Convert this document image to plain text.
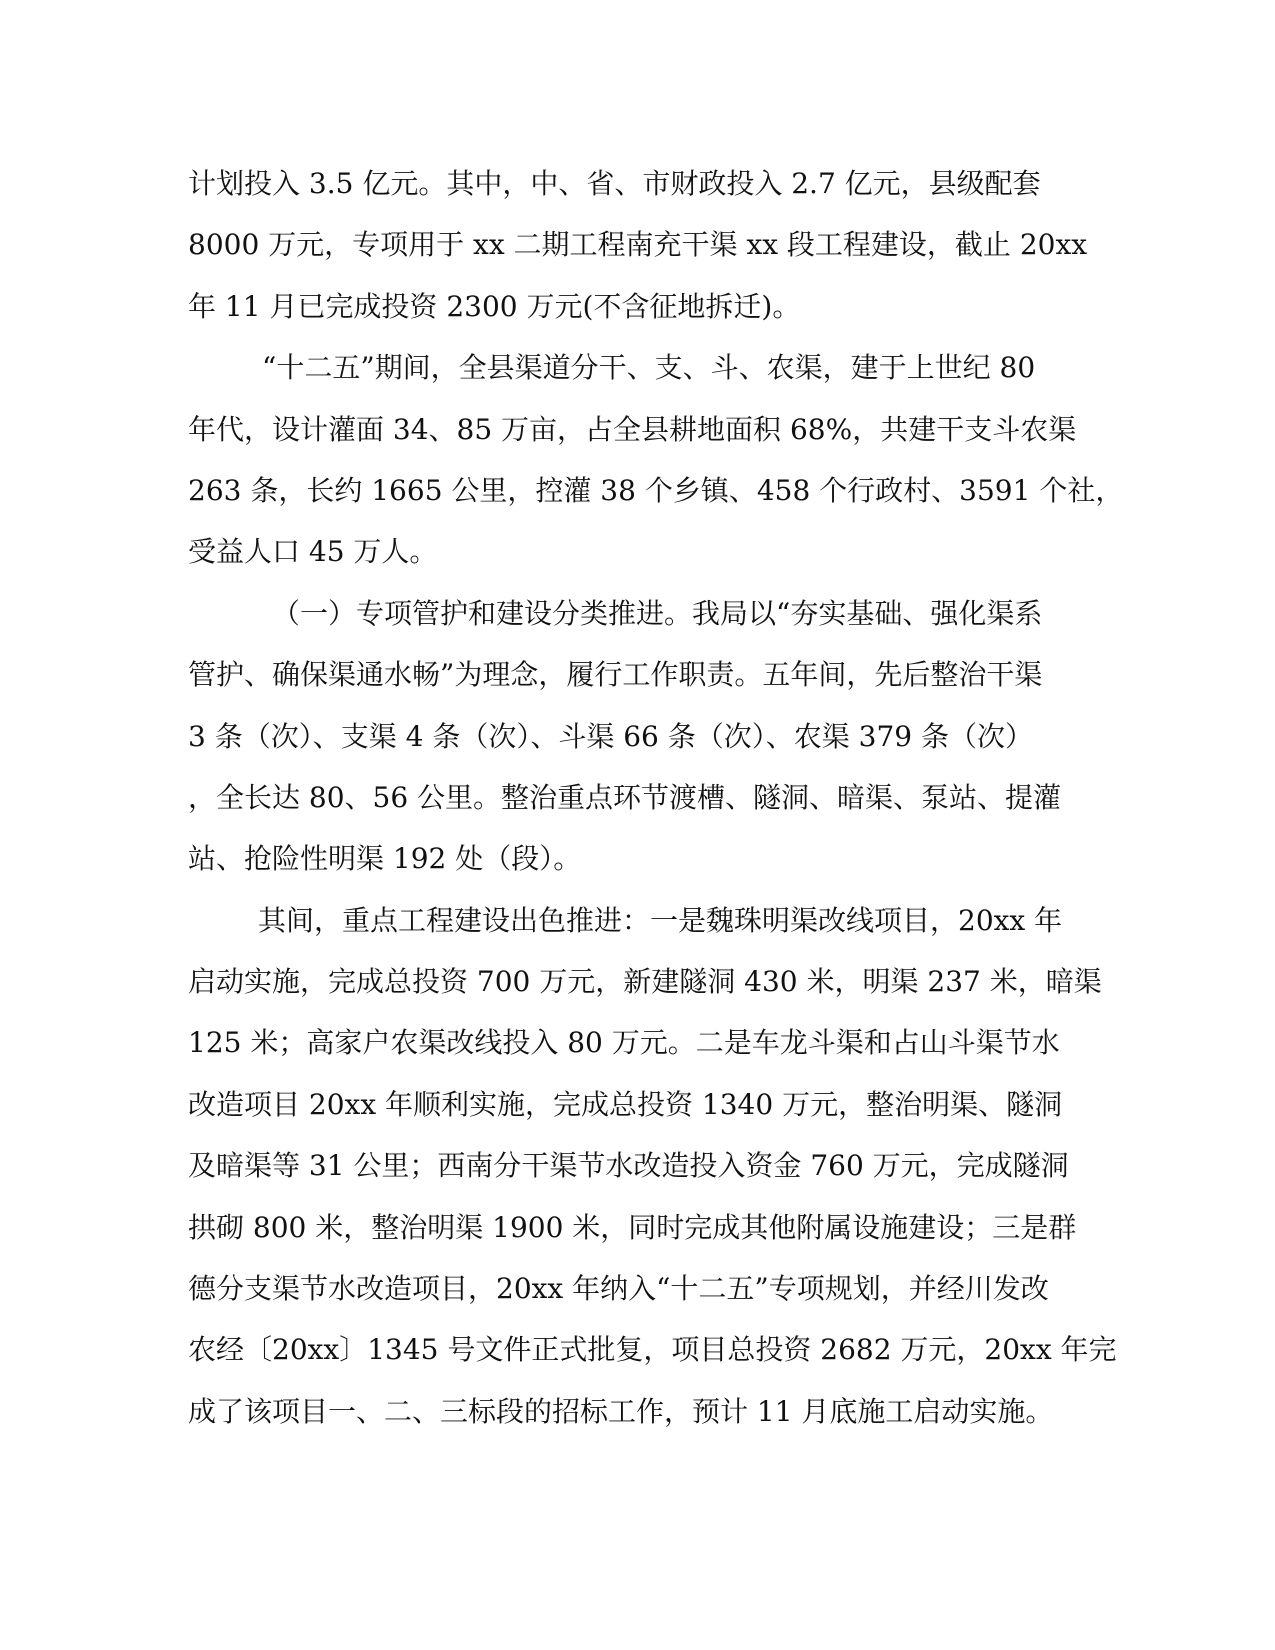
计划投入 3.5 亿元。其中，中、省、市财政投入 2.7 亿元，县级配套
8000 万元，专项用于 xx 二期工程南充干渠 xx 段工程建设，截止 20xx
年 11 月已完成投资 2300 万元(不含征地拆迁)。
“十二五”期间，全县渠道分干、支、斗、农渠，建于上世纪 80
年代，设计灌面 34、85 万亩，占全县耕地面积 68%，共建干支斗农渠
263 条，长约 1665 公里，控灌 38 个乡镇、458 个行政村、3591 个社，
受益人口 45 万人。
（一）专项管护和建设分类推进。我局以“夯实基础、强化渠系
管护、确保渠通水畅”为理念，履行工作职责。五年间，先后整治干渠
3 条（次）、支渠 4 条（次）、斗渠 66 条（次）、农渠 379 条（次）
，全长达 80、56 公里。整治重点环节渡槽、隧洞、暗渠、泵站、提灌
站、抢险性明渠 192 处（段）。
其间，重点工程建设出色推进：一是魏珠明渠改线项目，20xx 年
启动实施，完成总投资 700 万元，新建隧洞 430 米，明渠 237 米，暗渠
125 米；高家户农渠改线投入 80 万元。二是车龙斗渠和占山斗渠节水
改造项目 20xx 年顺利实施，完成总投资 1340 万元，整治明渠、隧洞
及暗渠等 31 公里；西南分干渠节水改造投入资金 760 万元，完成隧洞
拱砌 800 米，整治明渠 1900 米，同时完成其他附属设施建设；三是群
德分支渠节水改造项目，20xx 年纳入“十二五”专项规划，并经川发改
农经〔20xx〕1345 号文件正式批复，项目总投资 2682 万元，20xx 年完
成了该项目一、二、三标段的招标工作，预计 11 月底施工启动实施。
